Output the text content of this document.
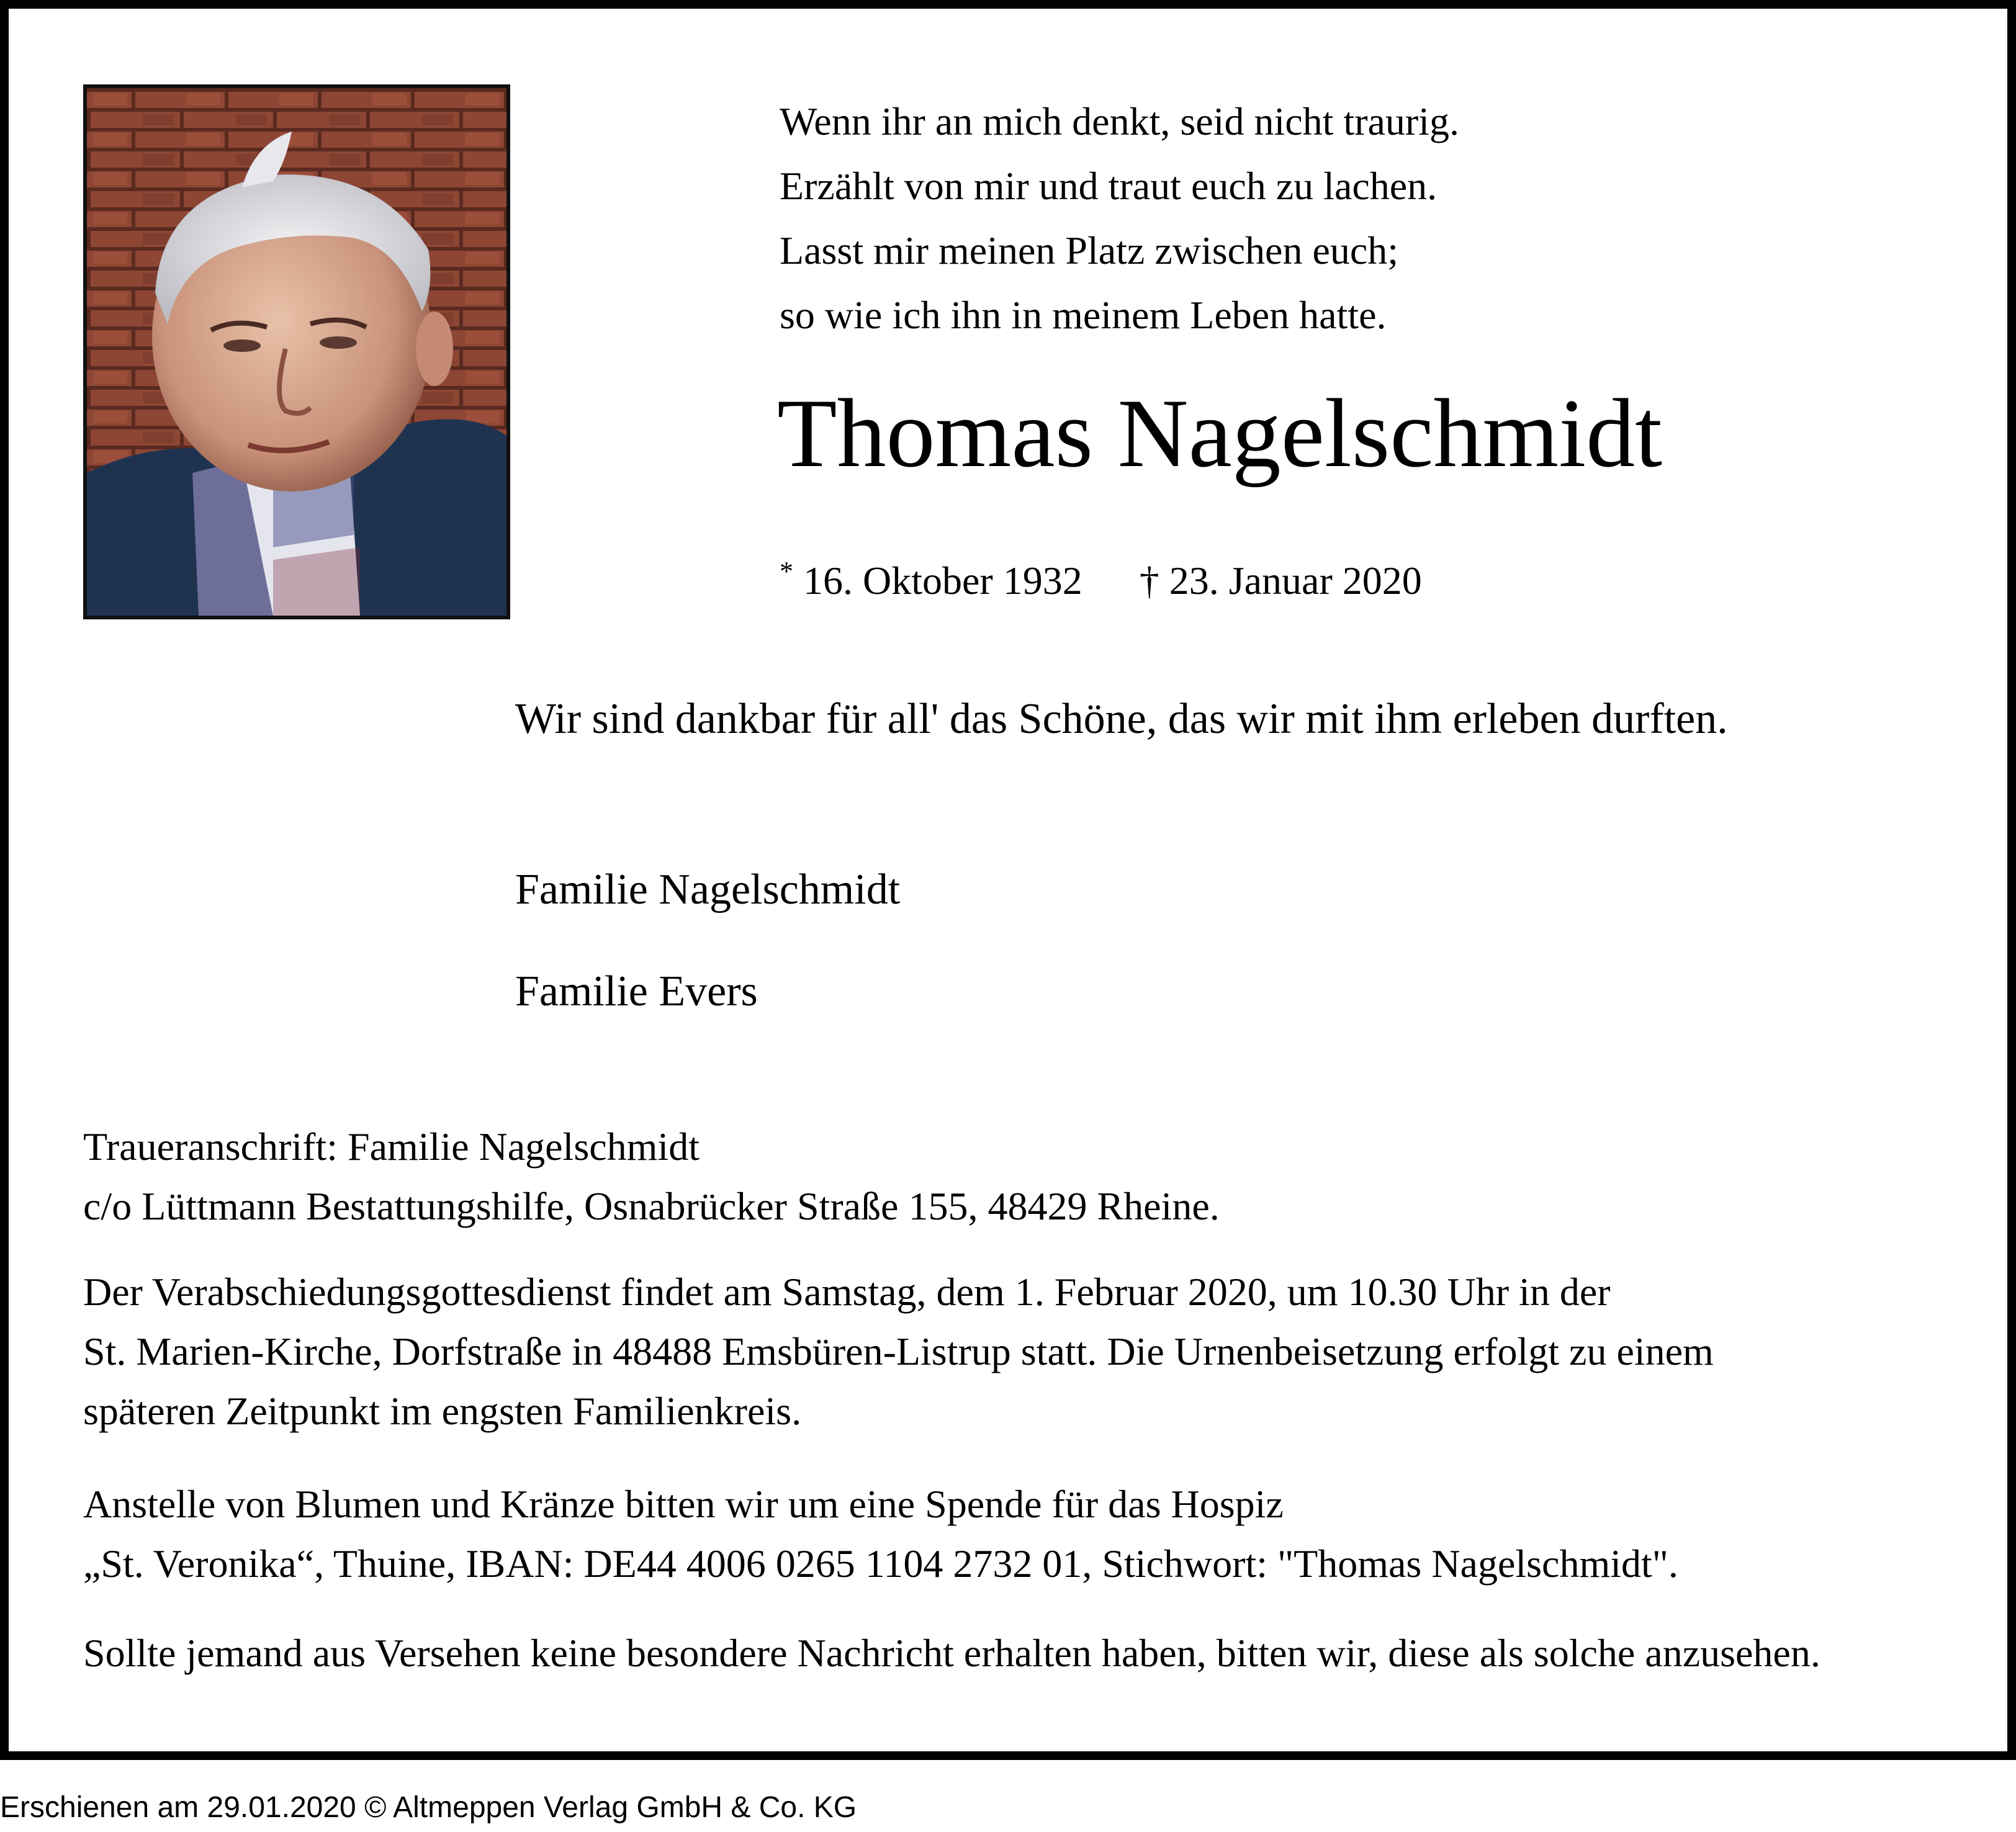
Wenn ihr an mich denkt, seid nicht traurig.
Erzählt von mir und traut euch zu lachen.
Lasst mir meinen Platz zwischen euch;
so wie ich ihn in meinem Leben hatte.
Thomas Nagelschmidt
* 16. Oktober 1932 † 23. Januar 2020
Wir sind dankbar für all' das Schöne, das wir mit ihm erleben durften.
Familie Nagelschmidt
Familie Evers
Traueranschrift: Familie Nagelschmidt
c/o Lüttmann Bestattungshilfe, Osnabrücker Straße 155, 48429 Rheine.
Der Verabschiedungsgottesdienst findet am Samstag, dem 1. Februar 2020, um 10.30 Uhr in der
St. Marien-Kirche, Dorfstraße in 48488 Emsbüren-Listrup statt. Die Urnenbeisetzung erfolgt zu einem
späteren Zeitpunkt im engsten Familienkreis.
Anstelle von Blumen und Kränze bitten wir um eine Spende für das Hospiz
„St. Veronika“, Thuine, IBAN: DE44 4006 0265 1104 2732 01, Stichwort: "Thomas Nagelschmidt".
Sollte jemand aus Versehen keine besondere Nachricht erhalten haben, bitten wir, diese als solche anzusehen.
Erschienen am 29.01.2020 © Altmeppen Verlag GmbH & Co. KG
